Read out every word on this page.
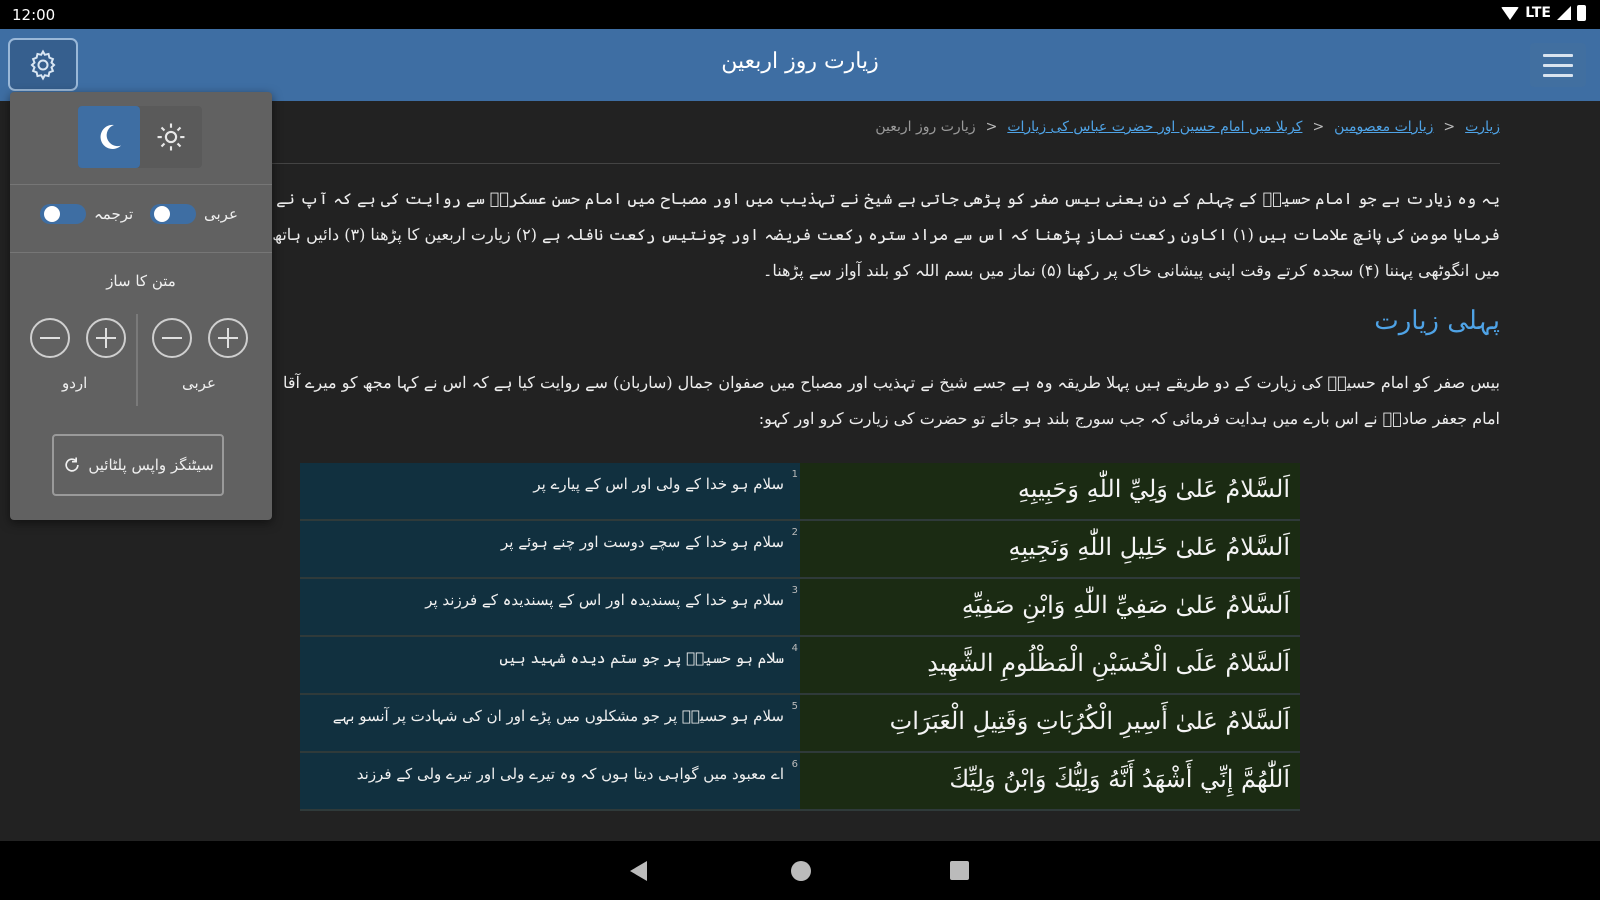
12:00	LTE
زیارت روز اربعین
زیارت
<
زیارات معصومین
<
کربلا میں امام حسین اور حضرت عباس کی زیارات
<
زیارت روز اربعین
یہ وہ زیارت ہے جو امام حسینؑ کے چہلم کے دن یعنی بیس صفر کو پڑھی جاتی ہے شیخ نے تہذیب میں اور مصباح میں امام حسن عسکریؑ سے روایت کی ہے کہ آپ نے فرمایا مومن کی پانچ علامات ہیں (۱) اکاون رکعت نماز پڑھنا کہ اس سے مراد سترہ رکعت فریضہ اور چونتیس رکعت نافلہ ہے (۲) زیارت اربعین کا پڑھنا (۳) دائیں ہاتھ میں انگوٹھی پہننا (۴) سجدہ کرتے وقت اپنی پیشانی خاک پر رکھنا (۵) نماز میں بسم اللہ کو بلند آواز سے پڑھنا۔
پہلی زیارت
بیس صفر کو امام حسینؑ کی زیارت کے دو طریقے ہیں پہلا طریقہ وہ ہے جسے شیخ نے تہذیب اور مصباح میں صفوان جمال (ساربان) سے روایت کیا ہے کہ اس نے کہا مجھ کو میرے آقا امام جعفر صادقؑ نے اس بارے میں ہدایت فرمائی کہ جب سورج بلند ہو جائے تو حضرت کی زیارت کرو اور کہو:
1
سلام ہو خدا کے ولی اور اس کے پیارے پر	اَلسَّلامُ عَلىٰ وَلِيِّ اللّٰهِ وَحَبِيبِهِ
2
سلام ہو خدا کے سچے دوست اور چنے ہوئے پر	اَلسَّلامُ عَلىٰ خَلِيلِ اللّٰهِ وَنَجِيبِهِ
3
سلام ہو خدا کے پسندیدہ اور اس کے پسندیدہ کے فرزند پر	اَلسَّلامُ عَلىٰ صَفِيِّ اللّٰهِ وَابْنِ صَفِيِّهِ
4
سلام ہو حسینؑ پر جو ستم دیدہ شہید ہیں	اَلسَّلامُ عَلَى الْحُسَيْنِ الْمَظْلُومِ الشَّهِيدِ
5
سلام ہو حسینؑ پر جو مشکلوں میں پڑے اور ان کی شہادت پر آنسو بہے	اَلسَّلامُ عَلىٰ أَسِيرِ الْكُرُبَاتِ وَقَتِيلِ الْعَبَرَاتِ
6
اے معبود میں گواہی دیتا ہوں کہ وہ تیرے ولی اور تیرے ولی کے فرزند	اَللّٰهُمَّ إِنِّي أَشْهَدُ أَنَّهُ وَلِيُّكَ وَابْنُ وَلِيِّكَ
ترجمہ	عربی
متن کا ساز
اردو	عربی
سیٹنگز واپس پلٹائیں
